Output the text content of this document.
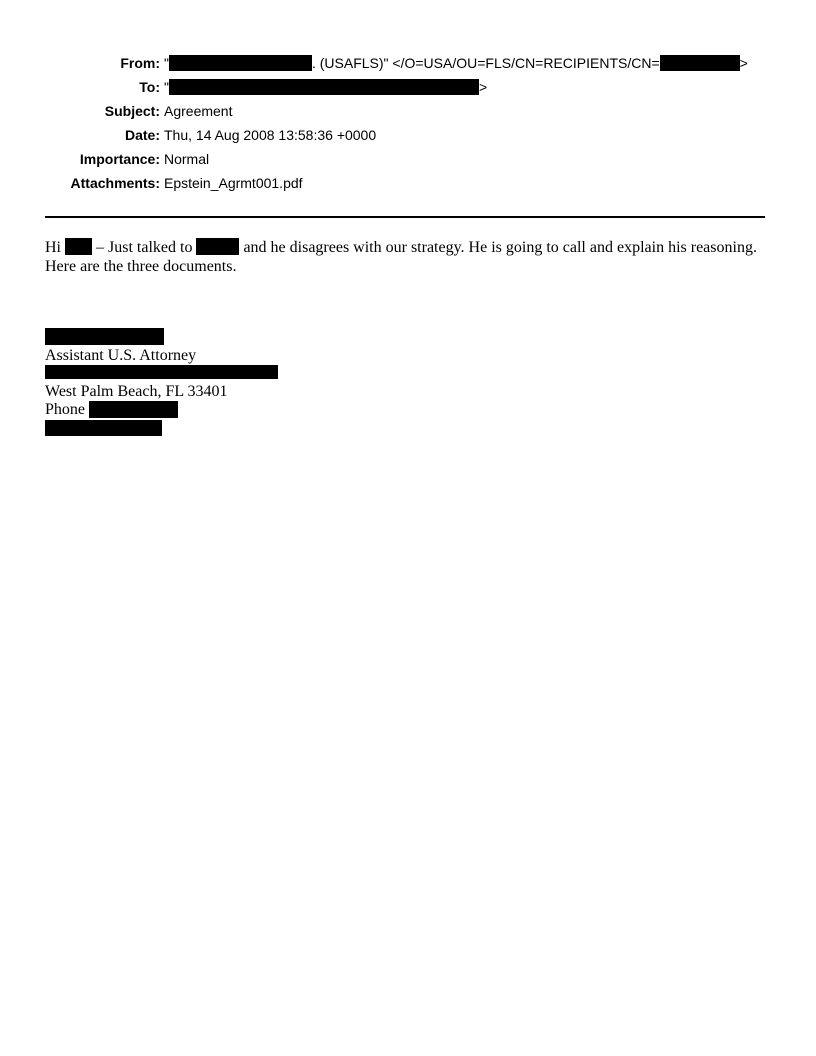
From: "	. (USAFLS)" </O=USA/OU=FLS/CN=RECIPIENTS/CN=	>
To: "	>
Subject: Agreement
Date: Thu, 14 Aug 2008 13:58:36 +0000
Importance: Normal
Attachments: Epstein_Agrmt001.pdf
Hi – Just talked to	and he disagrees with our strategy. He is going to call and explain his reasoning.
Here are the three documents.
Assistant U.S. Attorney
West Palm Beach, FL 33401
Phone
